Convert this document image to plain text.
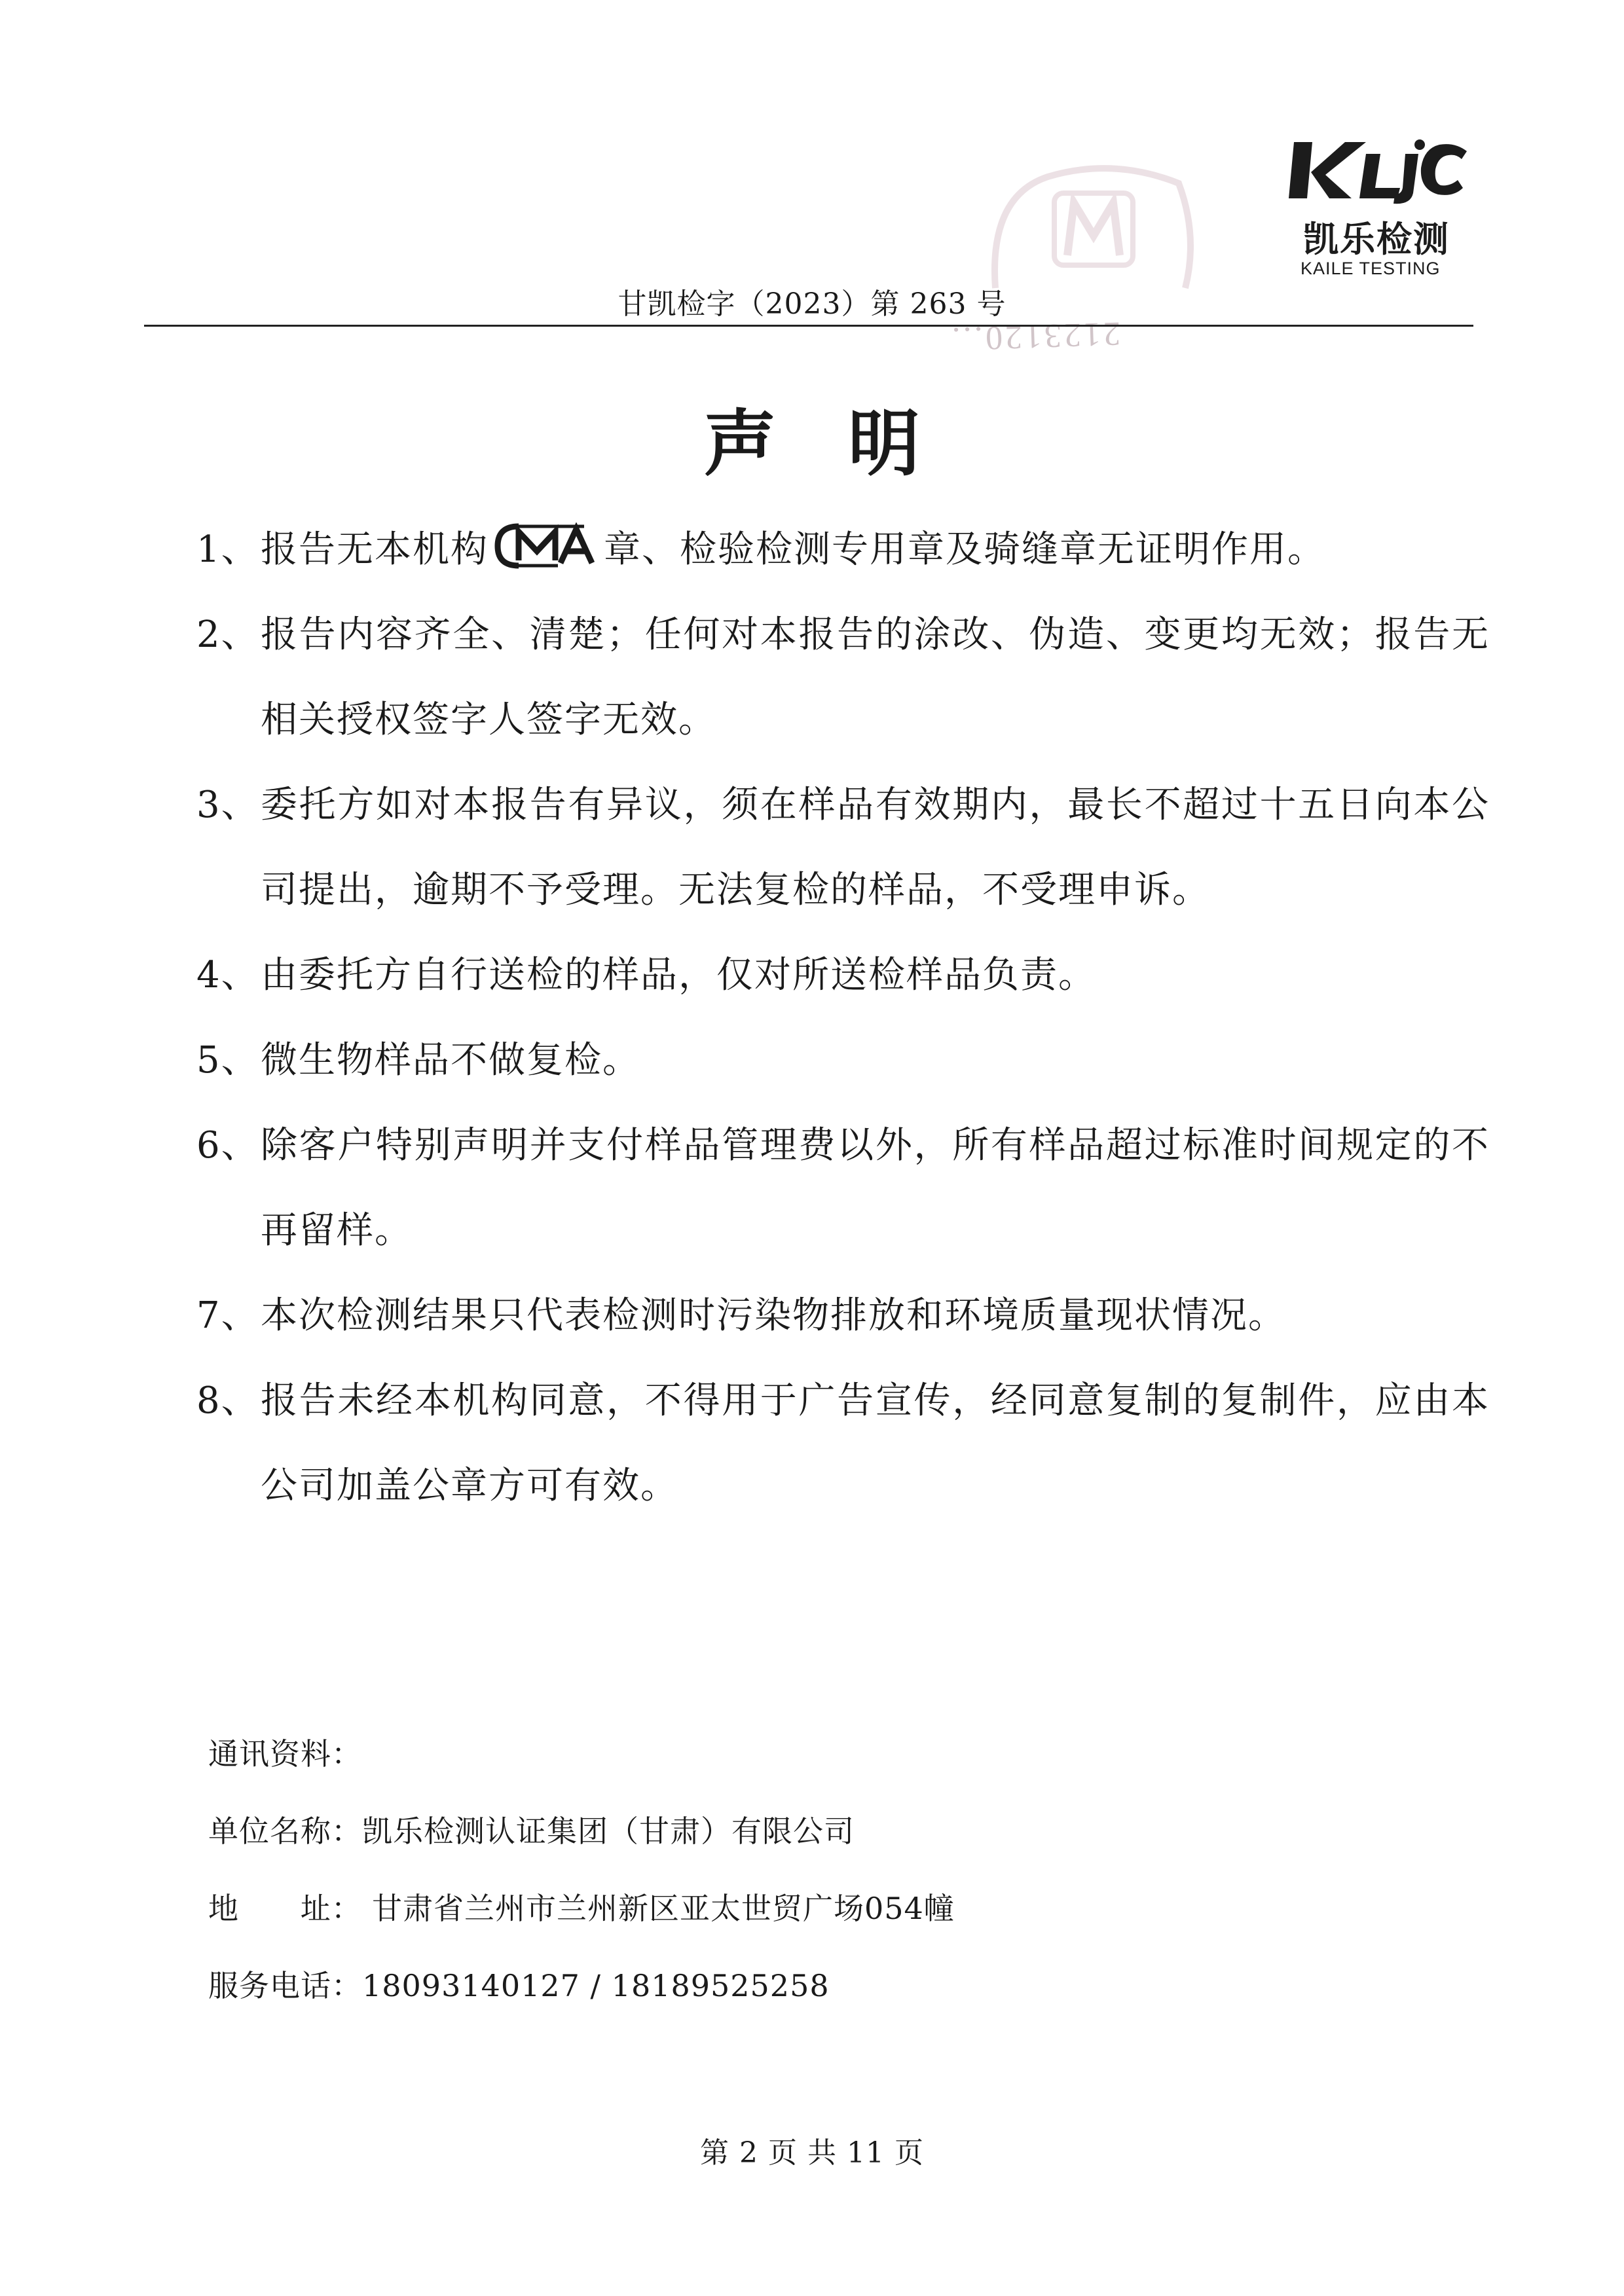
凯乐检测
KAILE TESTING
2123120...
甘凯检字（2023）第 263 号
声明
1、 报告无本机构	章、检验检测专用章及骑缝章无证明作用。
2、 报告内容齐全、清楚；任何对本报告的涂改、伪造、变更均无效；报告无相关授权签字人签字无效。
3、 委托方如对本报告有异议，须在样品有效期内，最长不超过十五日向本公司提出，逾期不予受理。无法复检的样品，不受理申诉。
4、 由委托方自行送检的样品，仅对所送检样品负责。
5、 微生物样品不做复检。
6、 除客户特别声明并支付样品管理费以外，所有样品超过标准时间规定的不再留样。
7、 本次检测结果只代表检测时污染物排放和环境质量现状情况。
8、 报告未经本机构同意，不得用于广告宣传，经同意复制的复制件，应由本公司加盖公章方可有效。
通讯资料：
单位名称：凯乐检测认证集团（甘肃）有限公司
地      址： 甘肃省兰州市兰州新区亚太世贸广场054幢
服务电话：18093140127 / 18189525258
第 2 页 共 11 页
